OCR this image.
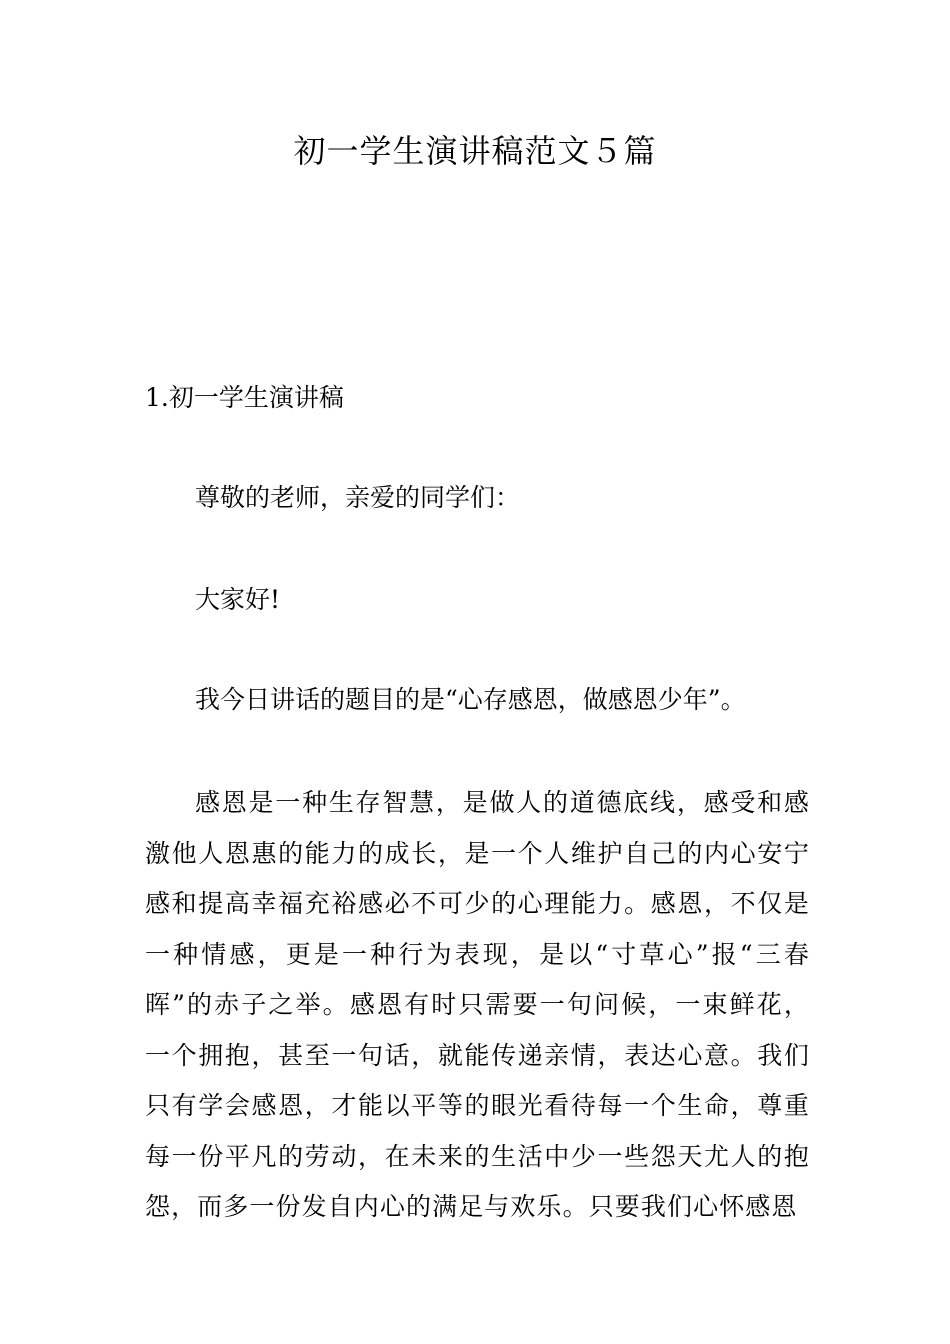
初一学生演讲稿范文５篇

1.初一学生演讲稿

尊敬的老师，亲爱的同学们：

大家好!

我今日讲话的题目的是“心存感恩，做感恩少年”。

感恩是一种生存智慧，是做人的道德底线，感受和感激他人恩惠的能力的成长，是一个人维护自己的内心安宁感和提高幸福充裕感必不可少的心理能力。感恩，不仅是一种情感，更是一种行为表现，是以“寸草心”报“三春晖”的赤子之举。感恩有时只需要一句问候，一束鲜花，一个拥抱，甚至一句话，就能传递亲情，表达心意。我们只有学会感恩，才能以平等的眼光看待每一个生命，尊重每一份平凡的劳动，在未来的生活中少一些怨天尤人的抱怨，而多一份发自内心的满足与欢乐。只要我们心怀感恩
